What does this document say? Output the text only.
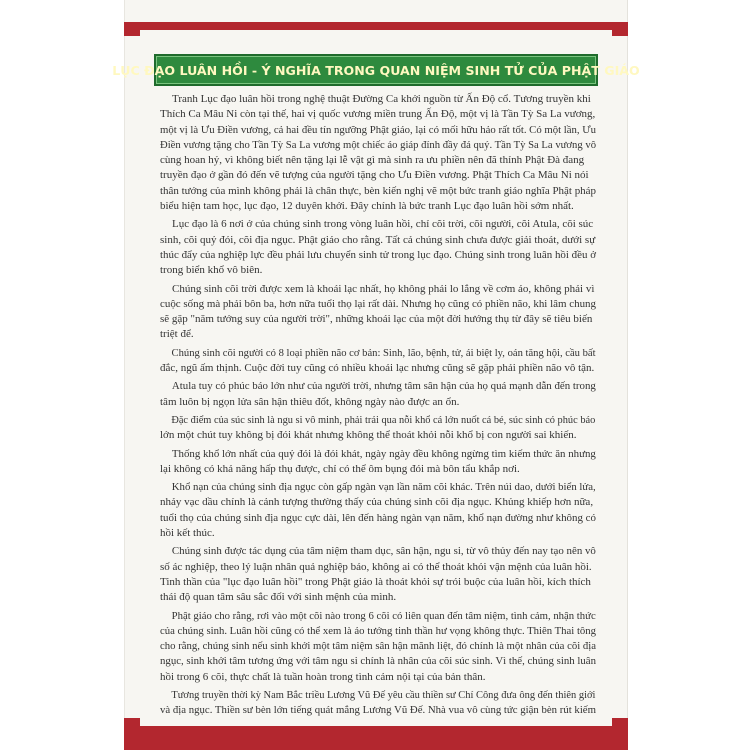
LỤC ĐẠO LUÂN HỒI - Ý NGHĨA TRONG QUAN NIỆM SINH TỬ CỦA PHẬT GIÁO
Tranh Lục đạo luân hồi trong nghệ thuật Đường Ca khởi nguồn từ Ấn Độ cổ. Tương truyền khi
Thích Ca Mâu Ni còn tại thế, hai vị quốc vương miền trung Ấn Độ, một vị là Tần Tỳ Sa La vương,
một vị là Ưu Điền vương, cả hai đều tín ngưỡng Phật giáo, lại có mối hữu hảo rất tốt. Có một lần, Ưu
Điền vương tặng cho Tần Tỳ Sa La vương một chiếc áo giáp đính đầy đá quý. Tần Tỳ Sa La vương vô
cùng hoan hỷ, vì không biết nên tặng lại lễ vật gì mà sinh ra ưu phiền nên đã thỉnh Phật Đà đang
truyền đạo ở gần đó đến vẽ tượng của người tặng cho Ưu Điền vương. Phật Thích Ca Mâu Ni nói
thân tướng của mình không phải là chân thực, bèn kiến nghị vẽ một bức tranh giáo nghĩa Phật pháp
biểu hiện tam học, lục đạo, 12 duyên khởi. Đây chính là bức tranh Lục đạo luân hồi sớm nhất.
Lục đạo là 6 nơi ở của chúng sinh trong vòng luân hồi, chỉ cõi trời, cõi người, cõi Atula, cõi súc
sinh, cõi quỷ đói, cõi địa ngục. Phật giáo cho rằng. Tất cả chúng sinh chưa được giải thoát, dưới sự
thúc đẩy của nghiệp lực đều phải lưu chuyển sinh tử trong lục đạo. Chúng sinh trong luân hồi đều ở
trong biển khổ vô biên.
Chúng sinh cõi trời được xem là khoái lạc nhất, họ không phải lo lắng về cơm áo, không phải vì
cuộc sống mà phải bôn ba, hơn nữa tuổi thọ lại rất dài. Nhưng họ cũng có phiền não, khi lâm chung
sẽ gặp "năm tướng suy của người trời", những khoái lạc của một đời hướng thụ từ đây sẽ tiêu biến
triệt để.
Chúng sinh cõi người có 8 loại phiền não cơ bản: Sinh, lão, bệnh, tử, ái biệt ly, oán tăng hội, cầu bất
đắc, ngũ ấm thịnh. Cuộc đời tuy cũng có nhiều khoái lạc nhưng cũng sẽ gặp phải phiền não vô tận.
Atula tuy có phúc báo lớn như của người trời, nhưng tâm sân hận của họ quá mạnh dẫn đến trong
tâm luôn bị ngọn lửa sân hận thiêu đốt, không ngày nào được an ổn.
Đặc điểm của súc sinh là ngu si vô minh, phải trải qua nỗi khổ cá lớn nuốt cá bé, súc sinh có phúc báo
lớn một chút tuy không bị đói khát nhưng không thể thoát khỏi nỗi khổ bị con người sai khiến.
Thống khổ lớn nhất của quỷ đói là đói khát, ngày ngày đều không ngừng tìm kiếm thức ăn nhưng
lại không có khả năng hấp thụ được, chỉ có thể ôm bụng đói mà bôn tẩu khắp nơi.
Khổ nạn của chúng sinh địa ngục còn gấp ngàn vạn lần năm cõi khác. Trên núi dao, dưới biển lửa,
nhảy vạc dầu chính là cảnh tượng thường thấy của chúng sinh cõi địa ngục. Khủng khiếp hơn nữa,
tuổi thọ của chúng sinh địa ngục cực dài, lên đến hàng ngàn vạn năm, khổ nạn đường như không có
hồi kết thúc.
Chúng sinh được tác dụng của tâm niệm tham dục, sân hận, ngu si, từ vô thủy đến nay tạo nên vô
số ác nghiệp, theo lý luận nhân quả nghiệp báo, không ai có thể thoát khỏi vận mệnh của luân hồi.
Tinh thần của "lục đạo luân hồi" trong Phật giáo là thoát khỏi sự trói buộc của luân hồi, kích thích
thái độ quan tâm sâu sắc đối với sinh mệnh của mình.
Phật giáo cho rằng, rơi vào một cõi nào trong 6 cõi có liên quan đến tâm niệm, tình cảm, nhận thức
của chúng sinh. Luân hồi cũng có thể xem là ảo tướng tinh thần hư vọng không thực. Thiên Thai tông
cho rằng, chúng sinh nếu sinh khởi một tâm niệm sân hận mãnh liệt, đó chính là một nhân của cõi địa
ngục, sinh khởi tâm tương ứng với tâm ngu si chính là nhân của cõi súc sinh. Vì thế, chúng sinh luân
hồi trong 6 cõi, thực chất là tuần hoàn trong tình cảm nội tại của bản thân.
Tương truyền thời kỳ Nam Bắc triều Lương Vũ Đế yêu cầu thiền sư Chí Công đưa ông đến thiên giới
và địa ngục. Thiền sư bèn lớn tiếng quát mắng Lương Vũ Đế. Nhà vua vô cùng tức giận bèn rút kiếm
